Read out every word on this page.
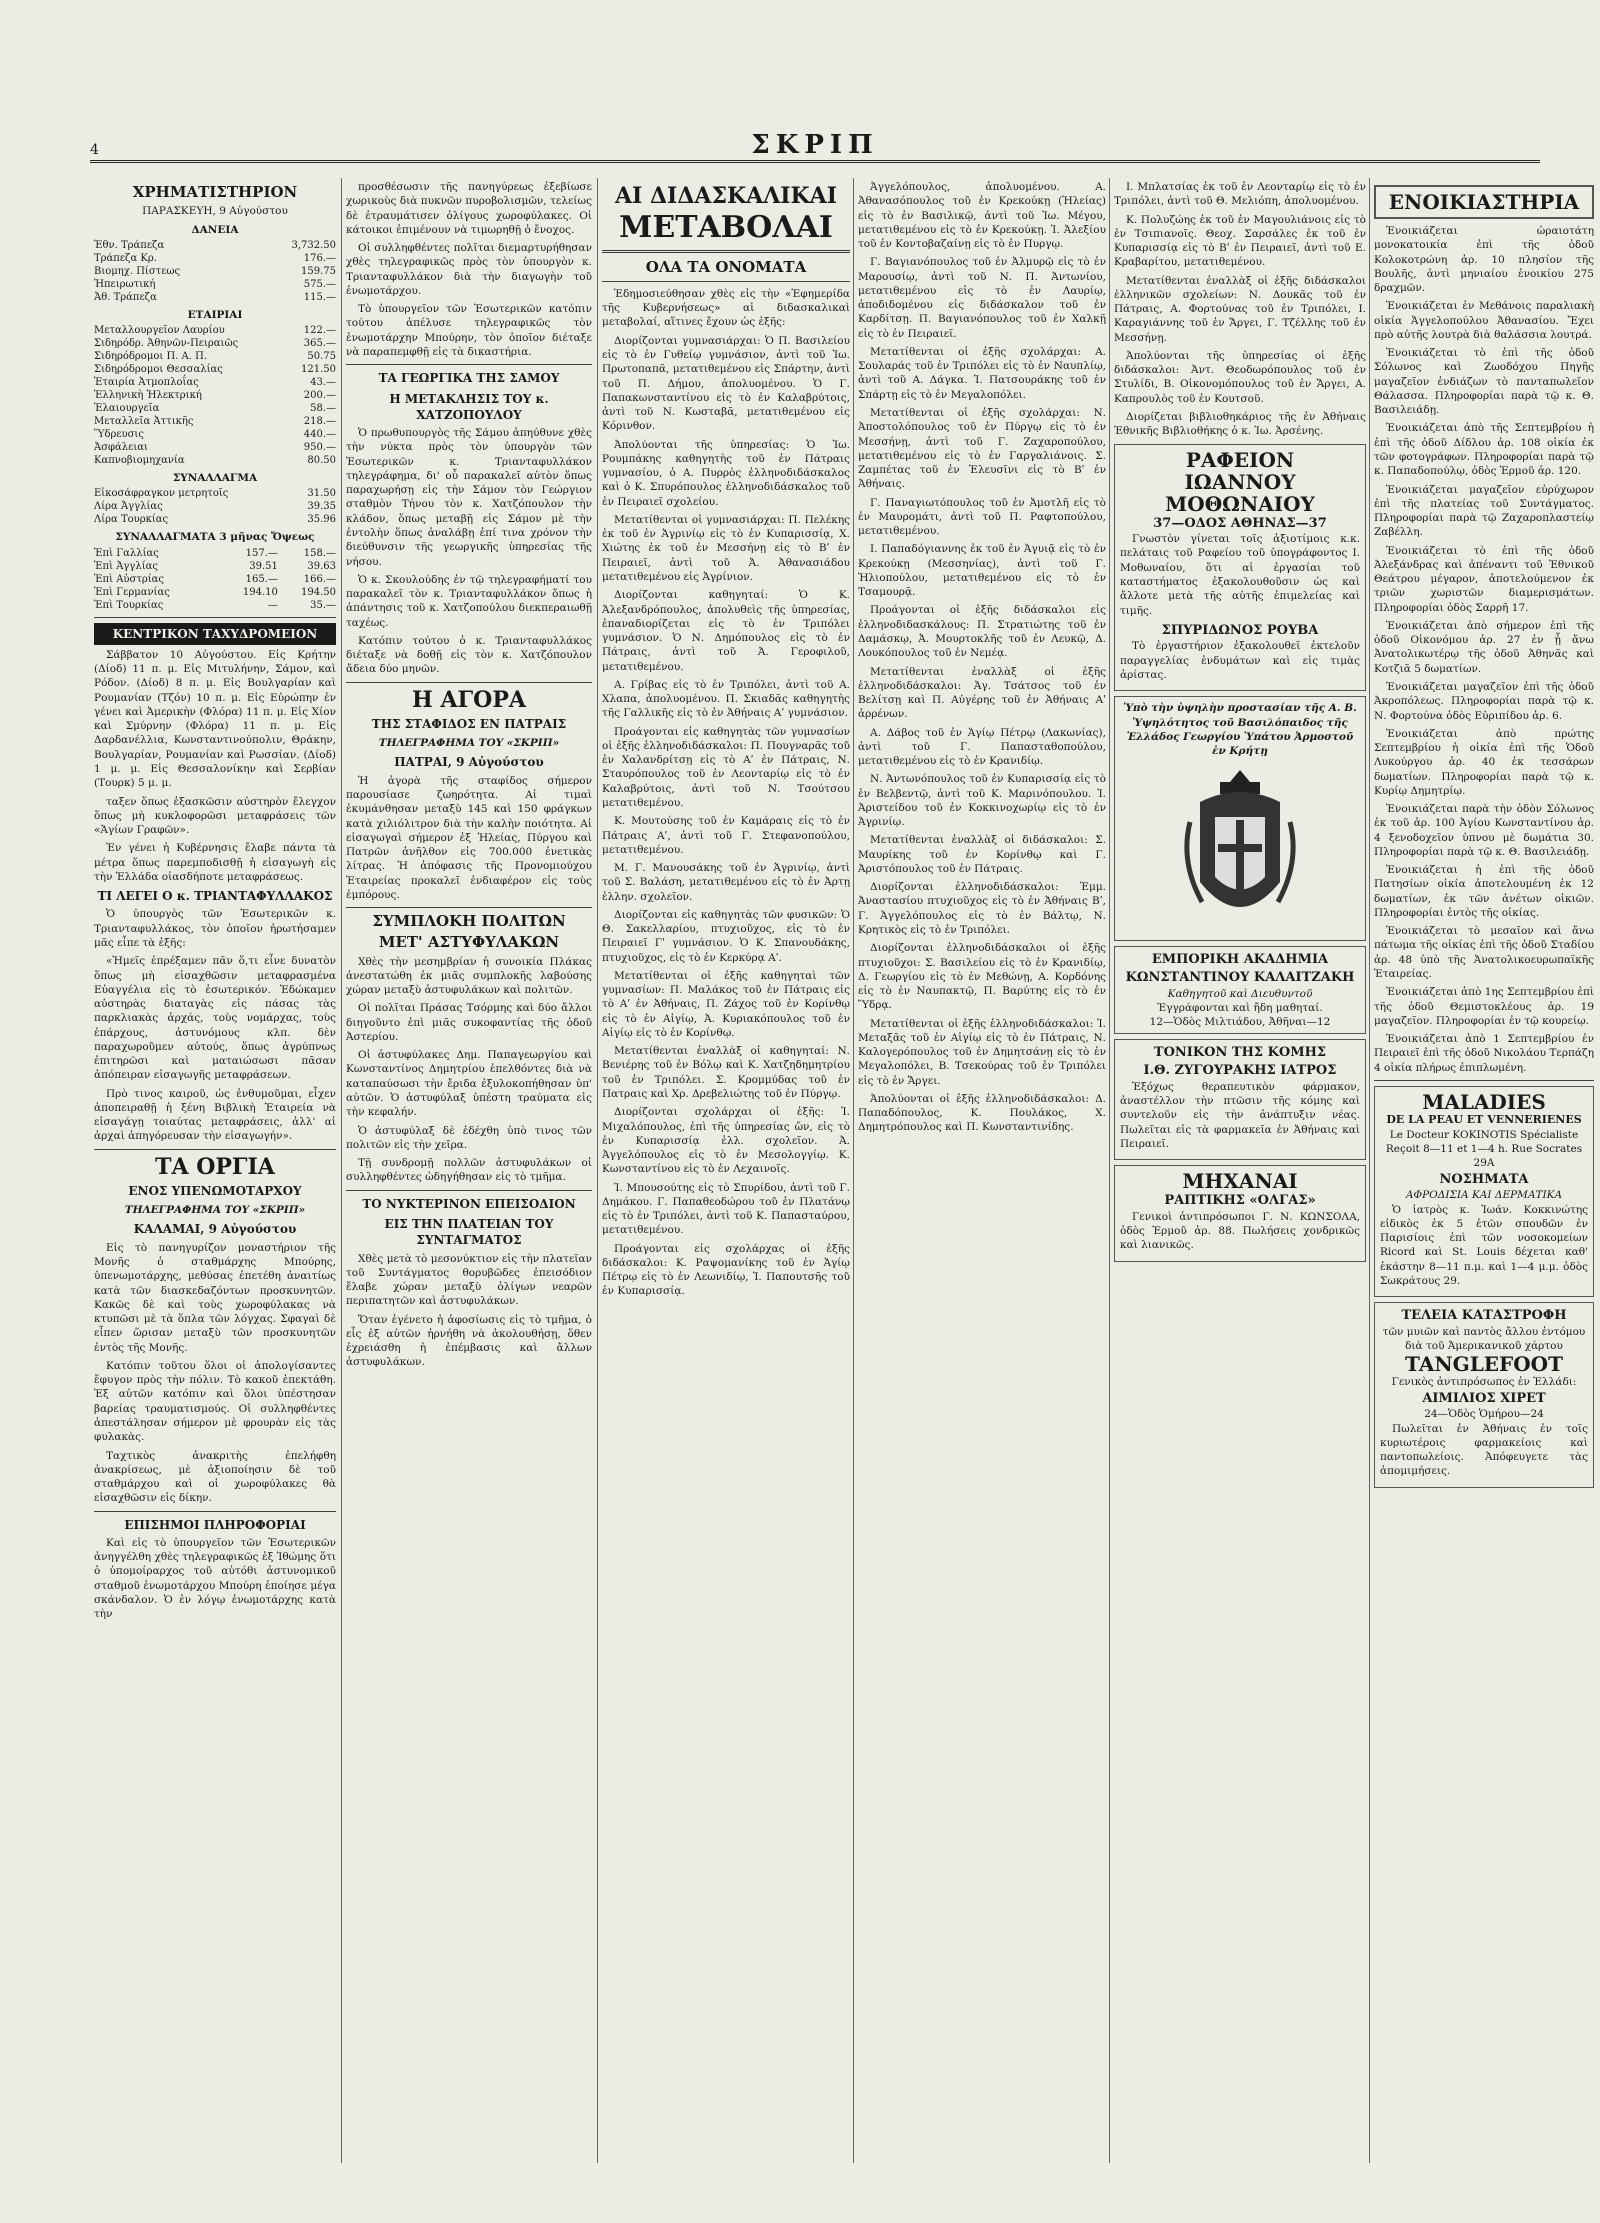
ΣΚΡΙΠ
4
ΧΡΗΜΑΤΙΣΤΗΡΙΟΝ
ΠΑΡΑΣΚΕΥΗ, 9 Αὐγούστου
ΔΑΝΕΙΑ
Ἐθν. Τράπεζα	3,732.50
Τράπεζα Κρ.	176.—
Βιομηχ. Πίστεως	159.75
Ἠπειρωτική	575.—
Ἀθ. Τράπεζα	115.—
ΕΤΑΙΡΙΑΙ
Μεταλλουργεῖον Λαυρίου	122.—
Σιδηρόδρ. Ἀθηνῶν-Πειραιῶς	365.—
Σιδηρόδρομοι Π. Α. Π.	50.75
Σιδηρόδρομοι Θεσσαλίας	121.50
Ἑταιρία Ἀτμοπλοΐας	43.—
Ἑλληνικὴ Ἠλεκτρική	200.—
Ἐλαιουργεῖα	58.—
Μεταλλεῖα Ἀττικῆς	218.—
Ὕδρευσις	440.—
Ἀσφάλειαι	950.—
Καπνοβιομηχανία	80.50
ΣΥΝΑΛΛΑΓΜΑ
Εἰκοσάφραγκον μετρητοῖς	31.50
Λίρα Ἀγγλίας	39.35
Λίρα Τουρκίας	35.96
ΣΥΝΑΛΛΑΓΜΑΤΑ 3 μῆνας Ὄψεως
Ἐπὶ Γαλλίας	157.—	158.—
Ἐπὶ Ἀγγλίας	39.51	39.63
Ἐπὶ Αὐστρίας	165.—	166.—
Ἐπὶ Γερμανίας	194.10	194.50
Ἐπὶ Τουρκίας	—	35.—
ΚΕΝΤΡΙΚΟΝ ΤΑΧΥΔΡΟΜΕΙΟΝ

Σάββατον 10 Αὐγούστου. Εἰς Κρήτην (Δίοδ) 11 π. μ. Εἰς Μιτυλήνην, Σάμον, καὶ Ρόδον. (Δίοδ) 8 π. μ. Εἰς Βουλγαρίαν καὶ Ρουμανίαν (Τζόν) 10 π. μ. Εἰς Εὐρώπην ἐν γένει καὶ Ἀμερικὴν (Φλόρα) 11 π. μ. Εἰς Χίον καὶ Σμύρνην (Φλόρα) 11 π. μ. Εἰς Δαρδανέλλια, Κωνσταντινούπολιν, Θράκην, Βουλγαρίαν, Ρουμανίαν καὶ Ρωσσίαν. (Δίοδ) 1 μ. μ. Εἰς Θεσσαλονίκην καὶ Σερβίαν (Τουρκ) 5 μ. μ.

ταξεν ὅπως ἐξασκῶσιν αὐστηρὸν ἔλεγχον ὅπως μὴ κυκλοφορῶσι μεταφράσεις τῶν «Ἁγίων Γραφῶν».

Ἐν γένει ἡ Κυβέρνησις ἔλαβε πάντα τὰ μέτρα ὅπως παρεμποδισθῇ ἡ εἰσαγωγὴ εἰς τὴν Ἑλλάδα οἱασδήποτε μεταφράσεως.

ΤΙ ΛΕΓΕΙ Ο κ. ΤΡΙΑΝΤΑΦΥΛΛΑΚΟΣ

Ὁ ὑπουργὸς τῶν Ἐσωτερικῶν κ. Τριανταφυλλάκος, τὸν ὁποῖον ἠρωτήσαμεν μᾶς εἶπε τὰ ἑξῆς:

«Ἠμεῖς ἐπρέξαμεν πᾶν ὅ,τι εἶνε δυνατὸν ὅπως μὴ εἰσαχθῶσιν μεταφρασμένα Εὐαγγέλια εἰς τὸ ἐσωτερικόν. Ἐδώκαμεν αὐστηρὰς διαταγὰς εἰς πάσας τὰς παρκλιακὰς ἀρχάς, τοὺς νομάρχας, τοὺς ἐπάρχους, ἀστυνόμους κλπ. δὲν παραχωροῦμεν αὐτούς, ὅπως ἀγρύπνως ἐπιτηρῶσι καὶ ματαιώσωσι πᾶσαν ἀπόπειραν εἰσαγωγῆς μεταφράσεων.

Πρὸ τινος καιροῦ, ὡς ἐνθυμοῦμαι, εἶχεν ἀποπειραθῇ ἡ ξένη Βιβλικὴ Ἑταιρεία νὰ εἰσαγάγῃ τοιαύτας μεταφράσεις, ἀλλ' αἱ ἀρχαὶ ἀπηγόρευσαν τὴν εἰσαγωγήν».

ΤΑ ΟΡΓΙΑ
ΕΝΟΣ ΥΠΕΝΩΜΟΤΑΡΧΟΥ
ΤΗΛΕΓΡΑΦΗΜΑ ΤΟΥ «ΣΚΡΙΠ»
ΚΑΛΑΜΑΙ, 9 Αὐγούστου

Εἰς τὸ πανηγυρίζον μοναστήριον τῆς Μονῆς ὁ σταθμάρχης Μπούρης, ὑπενωμοτάρχης, μεθύσας ἐπετέθη ἀναιτίως κατὰ τῶν διασκεδαζόντων προσκυνητῶν. Κακῶς δὲ καὶ τοὺς χωροφύλακας νὰ κτυπῶσι μὲ τὰ ὅπλα τῶν λόγχας. Σφαγαὶ δὲ εἶπεν ὥρισαν μεταξὺ τῶν προσκυνητῶν ἐντὸς τῆς Μονῆς.

Κατόπιν τοῦτου ὅλοι οἱ ἀπολογίσαντες ἔφυγον πρὸς τὴν πόλιν. Τὸ κακοῦ ἐπεκτάθη. Ἐξ αὐτῶν κατόπιν καὶ ὅλοι ὑπέστησαν βαρείας τραυματισμούς. Οἱ συλληφθέντες ἀπεστάλησαν σήμερον μὲ φρουρὰν εἰς τὰς φυλακὰς.

Ταχτικὸς ἀνακριτὴς ἐπελήφθη ἀνακρίσεως, μὲ ἀξιοποίησιν δὲ τοῦ σταθμάρχου καὶ οἱ χωροφύλακες θὰ εἰσαχθῶσιν εἰς δίκην.

ΕΠΙΣΗΜΟΙ ΠΛΗΡΟΦΟΡΙΑΙ

Καὶ εἰς τὸ ὑπουργεῖον τῶν Ἐσωτερικῶν ἀνηγγέλθη χθὲς τηλεγραφικῶς ἐξ Ἰθώμης ὅτι ὁ ὑπομοίραρχος τοῦ αὐτόθι ἀστυνομικοῦ σταθμοῦ ἐνωμοτάρχου Μπούρη ἐποίησε μέγα σκάνδαλον. Ὁ ἐν λόγῳ ἐνωμοτάρχης κατὰ τὴν

προσθέσωσιν τῆς πανηγύρεως ἐξεβίωσε χωρικοὺς διὰ πυκνῶν πυροβολισμῶν, τελείως δὲ ἐτραυμάτισεν ὀλίγους χωροφύλακες. Οἱ κάτοικοι ἐπιμένουν νὰ τιμωρηθῇ ὁ ἔνοχος.

Οἱ συλληφθέντες πολῖται διεμαρτυρήθησαν χθὲς τηλεγραφικῶς πρὸς τὸν ὑπουργὸν κ. Τριανταφυλλάκον διὰ τὴν διαγωγὴν τοῦ ἐνωμοτάρχου.

Τὸ ὑπουργεῖον τῶν Ἐσωτερικῶν κατόπιν τούτου ἀπέλυσε τηλεγραφικῶς τὸν ἐνωμοτάρχην Μπούρην, τὸν ὁποῖον διέταξε νὰ παραπεμφθῇ εἰς τὰ δικαστήρια.

ΤΑ ΓΕΩΡΓΙΚΑ ΤΗΣ ΣΑΜΟΥ
Η ΜΕΤΑΚΛΗΣΙΣ ΤΟΥ κ. ΧΑΤΖΟΠΟΥΛΟΥ

Ὁ πρωθυπουργὸς τῆς Σάμου ἀπηύθυνε χθὲς τὴν νύκτα πρὸς τὸν ὑπουργὸν τῶν Ἐσωτερικῶν κ. Τριανταφυλλάκον τηλεγράφημα, δι' οὗ παρακαλεῖ αὐτὸν ὅπως παραχωρήσῃ εἰς τὴν Σάμον τὸν Γεώργιον σταθμὸν Τήνου τὸν κ. Χατζόπουλον τὴν κλάδον, ὅπως μεταβῇ εἰς Σάμον μὲ τὴν ἐντολὴν ὅπως ἀναλάβῃ ἐπί τινα χρόνον τὴν διεύθυνσιν τῆς γεωργικῆς ὑπηρεσίας τῆς νήσου.

Ὁ κ. Σκουλούδης ἐν τῷ τηλεγραφήματί του παρακαλεῖ τὸν κ. Τριανταφυλλάκον ὅπως ἡ ἀπάντησις τοῦ κ. Χατζοπούλου διεκπεραιωθῇ ταχέως.

Κατόπιν τούτου ὁ κ. Τριανταφυλλάκος διέταξε νὰ δοθῇ εἰς τὸν κ. Χατζόπουλον ἄδεια δύο μηνῶν.

Η ΑΓΟΡΑ
ΤΗΣ ΣΤΑΦΙΔΟΣ ΕΝ ΠΑΤΡΑΙΣ
ΤΗΛΕΓΡΑΦΗΜΑ ΤΟΥ «ΣΚΡΙΠ»
ΠΑΤΡΑΙ, 9 Αὐγούστου

Ἡ ἀγορὰ τῆς σταφίδος σήμερον παρουσίασε ζωηρότητα. Αἱ τιμαὶ ἐκυμάνθησαν μεταξὺ 145 καὶ 150 φράγκων κατὰ χιλιόλιτρον διὰ τὴν καλὴν ποιότητα. Αἱ εἰσαγωγαὶ σήμερον ἐξ Ἠλείας, Πύργου καὶ Πατρῶν ἀνῆλθον εἰς 700.000 ἐνετικὰς λίτρας. Ἡ ἀπόφασις τῆς Προνομιούχου Ἑταιρείας προκαλεῖ ἐνδιαφέρον εἰς τοὺς ἐμπόρους.

ΣΥΜΠΛΟΚΗ ΠΟΛΙΤΩΝ
ΜΕΤ' ΑΣΤΥΦΥΛΑΚΩΝ

Χθὲς τὴν μεσημβρίαν ἡ συνοικία Πλάκας ἀνεστατώθη ἐκ μιᾶς συμπλοκῆς λαβούσης χώραν μεταξὺ ἀστυφυλάκων καὶ πολιτῶν.

Οἱ πολῖται Πράσας Τσόρμης καὶ δύο ἄλλοι διηγοῦντο ἐπὶ μιᾶς συκοφαντίας τῆς ὁδοῦ Ἀστερίου.

Οἱ ἀστυφύλακες Δημ. Παπαγεωργίου καὶ Κωνσταντίνος Δημητρίου ἐπελθόντες διὰ νὰ καταπαύσωσι τὴν ἔριδα ἐξυλοκοπήθησαν ὑπ' αὐτῶν. Ὁ ἀστυφύλαξ ὑπέστη τραύματα εἰς τὴν κεφαλήν.

Ὁ ἀστυφύλαξ δὲ ἐδέχθη ὑπὸ τινος τῶν πολιτῶν εἰς τὴν χεῖρα.

Τῇ συνδρομῇ πολλῶν ἀστυφυλάκων οἱ συλληφθέντες ὡδηγήθησαν εἰς τὸ τμῆμα.

ΤΟ ΝΥΚΤΕΡΙΝΟΝ ΕΠΕΙΣΟΔΙΟΝ
ΕΙΣ ΤΗΝ ΠΛΑΤΕΙΑΝ ΤΟΥ ΣΥΝΤΑΓΜΑΤΟΣ

Χθὲς μετὰ τὸ μεσονύκτιον εἰς τὴν πλατεῖαν τοῦ Συντάγματος θορυβῶδες ἐπεισόδιον ἔλαβε χώραν μεταξὺ ὀλίγων νεαρῶν περιπατητῶν καὶ ἀστυφυλάκων.

Ὅταν ἐγένετο ἡ ἀφοσίωσις εἰς τὸ τμῆμα, ὁ εἷς ἐξ αὐτῶν ἠρνήθη νὰ ἀκολουθήσῃ, ὅθεν ἐχρειάσθη ἡ ἐπέμβασις καὶ ἄλλων ἀστυφυλάκων.

ΑΙ ΔΙΔΑΣΚΑΛΙΚΑΙ
ΜΕΤΑΒΟΛΑΙ
ΟΛΑ ΤΑ ΟΝΟΜΑΤΑ

Ἐδημοσιεύθησαν χθὲς εἰς τὴν «Ἐφημερίδα τῆς Κυβερνήσεως» αἱ διδασκαλικαὶ μεταβολαί, αἵτινες ἔχουν ὡς ἑξῆς:

Διορίζονται γυμνασιάρχαι: Ὁ Π. Βασιλείου εἰς τὸ ἐν Γυθείῳ γυμνάσιον, ἀντὶ τοῦ Ἰω. Πρωτοπαπᾶ, μετατιθεμένου εἰς Σπάρτην, ἀντὶ τοῦ Π. Δήμου, ἀπολυομένου. Ὁ Γ. Παπακωνσταντίνου εἰς τὸ ἐν Καλαβρύτοις, ἀντὶ τοῦ Ν. Κωσταβᾶ, μετατιθεμένου εἰς Κόρινθον.

Ἀπολύονται τῆς ὑπηρεσίας: Ὁ Ἰω. Ρουμπάκης καθηγητὴς τοῦ ἐν Πάτραις γυμνασίου, ὁ Α. Πυρρὸς ἐλληνοδιδάσκαλος καὶ ὁ Κ. Σπυρόπουλος ἐλληνοδιδάσκαλος τοῦ ἐν Πειραιεῖ σχολείου.

Μετατίθενται οἱ γυμνασιάρχαι: Π. Πελέκης ἐκ τοῦ ἐν Ἀγρινίῳ εἰς τὸ ἐν Κυπαρισσίᾳ, Χ. Χιώτης ἐκ τοῦ ἐν Μεσσήνῃ εἰς τὸ Βʹ ἐν Πειραιεῖ, ἀντὶ τοῦ Ἀ. Ἀθανασιάδου μετατιθεμένου εἰς Ἀγρίνιον.

Διορίζονται καθηγηταί: Ὁ Κ. Ἀλεξανδρόπουλος, ἀπολυθεὶς τῆς ὑπηρεσίας, ἐπαναδιορίζεται εἰς τὸ ἐν Τριπόλει γυμνάσιον. Ὁ Ν. Δημόπουλος εἰς τὸ ἐν Πάτραις, ἀντὶ τοῦ Ἀ. Γεροφιλοῦ, μετατιθεμένου.

Α. Γρίβας εἰς τὸ ἐν Τριπόλει, ἀντὶ τοῦ Α. Χλαπα, ἀπολυομένου. Π. Σκιαδᾶς καθηγητὴς τῆς Γαλλικῆς εἰς τὸ ἐν Ἀθήναις Αʹ γυμνάσιον.

Προάγονται εἰς καθηγητὰς τῶν γυμνασίων οἱ ἑξῆς ἑλληνοδιδάσκαλοι: Π. Πουγναρᾶς τοῦ ἐν Χαλανδρίτσῃ εἰς τὸ Αʹ ἐν Πάτραις, Ν. Σταυρόπουλος τοῦ ἐν Λεονταρίῳ εἰς τὸ ἐν Καλαβρύτοις, ἀντὶ τοῦ Ν. Τσούτσου μετατιθεμένου.

Κ. Μουτούσης τοῦ ἐν Καμάραις εἰς τὸ ἐν Πάτραις Αʹ, ἀντὶ τοῦ Γ. Στεφανοπούλου, μετατιθεμένου.

Μ. Γ. Μανουσάκης τοῦ ἐν Ἀγρινίῳ, ἀντὶ τοῦ Σ. Βαλάση, μετατιθεμένου εἰς τὸ ἐν Ἀρτῃ ἑλλην. σχολεῖον.

Διορίζονται εἰς καθηγητὰς τῶν φυσικῶν: Ὁ Θ. Σακελλαρίου, πτυχιοῦχος, εἰς τὸ ἐν Πειραιεῖ Γʹ γυμνάσιον. Ὁ Κ. Σπανουδάκης, πτυχιοῦχος, εἰς τὸ ἐν Κερκύρᾳ Αʹ.

Μετατίθενται οἱ ἑξῆς καθηγηταὶ τῶν γυμνασίων: Π. Μαλάκος τοῦ ἐν Πάτραις εἰς τὸ Αʹ ἐν Ἀθήναις, Π. Ζάχος τοῦ ἐν Κορίνθῳ εἰς τὸ ἐν Αἰγίῳ, Ἀ. Κυριακόπουλος τοῦ ἐν Αἰγίῳ εἰς τὸ ἐν Κορίνθῳ.

Μετατίθενται ἐναλλὰξ οἱ καθηγηταί: Ν. Βενιέρης τοῦ ἐν Βόλῳ καὶ Κ. Χατζηδημητρίου τοῦ ἐν Τριπόλει. Σ. Κρομμύδας τοῦ ἐν Πατραις καὶ Χρ. Δρεβελιώτης τοῦ ἐν Πύργῳ.

Διορίζονται σχολάρχαι οἱ ἑξῆς: Ἰ. Μιχαλόπουλος, ἐπὶ τῆς ὑπηρεσίας ὤν, εἰς τὸ ἐν Κυπαρισσίᾳ ἑλλ. σχολεῖον. Ἀ. Ἀγγελόπουλος εἰς τὸ ἐν Μεσολογγίῳ. Κ. Κωνσταντίνου εἰς τὸ ἐν Λεχαινοῖς.

Ἰ. Μπουσούτης εἰς τὸ Σπυρίδου, ἀντὶ τοῦ Γ. Δημάκου. Γ. Παπαθεοδώρου τοῦ ἐν Πλατάνῳ εἰς τὸ ἐν Τριπόλει, ἀντὶ τοῦ Κ. Παπασταύρου, μετατιθεμένου.

Προάγονται εἰς σχολάρχας οἱ ἑξῆς διδάσκαλοι: Κ. Ραψομανίκης τοῦ ἐν Ἁγίῳ Πέτρῳ εἰς τὸ ἐν Λεωνιδίῳ, Ἰ. Παπουτσῆς τοῦ ἐν Κυπαρισσίᾳ.

Ἀγγελόπουλος, ἀπολυομένου. Α. Ἀθανασόπουλος τοῦ ἐν Κρεκούκῃ (Ἠλείας) εἰς τὸ ἐν Βασιλικῷ, ἀντὶ τοῦ Ἰω. Μέγου, μετατιθεμένου εἰς τὸ ἐν Κρεκούκῃ. Ἰ. Ἀλεξίου τοῦ ἐν Κοντοβαζαίνῃ εἰς τὸ ἐν Πυργῳ.

Γ. Βαγιανόπουλος τοῦ ἐν Ἀλμυρῷ εἰς τὸ ἐν Μαρουσίῳ, ἀντὶ τοῦ Ν. Π. Ἀντωνίου, μετατιθεμένου εἰς τὸ ἐν Λαυρίῳ, ἀποδιδομένου εἰς διδάσκαλον τοῦ ἐν Καρδίτσῃ. Π. Βαγιανόπουλος τοῦ ἐν Χαλκῇ εἰς τὸ ἐν Πειραιεῖ.

Μετατίθενται οἱ ἑξῆς σχολάρχαι: Α. Σουλαράς τοῦ ἐν Τριπόλει εἰς τὸ ἐν Ναυπλίῳ, ἀντὶ τοῦ Α. Δάγκα. Ἰ. Πατσουράκης τοῦ ἐν Σπάρτῃ εἰς τὸ ἐν Μεγαλοπόλει.

Μετατίθενται οἱ ἑξῆς σχολάρχαι: Ν. Ἀποστολόπουλος τοῦ ἐν Πύργῳ εἰς τὸ ἐν Μεσσήνῃ, ἀντὶ τοῦ Γ. Ζαχαροπούλου, μετατιθεμένου εἰς τὸ ἐν Γαργαλιάνοις. Σ. Ζαμπέτας τοῦ ἐν Ἐλευσῖνι εἰς τὸ Βʹ ἐν Ἀθήναις.

Γ. Παναγιωτόπουλος τοῦ ἐν Ἀμοτλῆ εἰς τὸ ἐν Μαυρομάτι, ἀντὶ τοῦ Π. Ραφτοπούλου, μετατιθεμένου.

Ι. Παπαδόγιαννης ἐκ τοῦ ἐν Ἀγυιᾷ εἰς τὸ ἐν Κρεκούκῃ (Μεσσηνίας), ἀντὶ τοῦ Γ. Ἠλιοπούλου, μετατιθεμένου εἰς τὸ ἐν Τσαμουρᾷ.

Προάγονται οἱ ἑξῆς διδάσκαλοι εἰς ἑλληνοδιδασκάλους: Π. Στρατιώτης τοῦ ἐν Δαμάσκῳ, Ἀ. Μουρτοκλῆς τοῦ ἐν Λευκῷ, Δ. Λουκόπουλος τοῦ ἐν Νεμέᾳ.

Μετατίθενται ἐναλλὰξ οἱ ἑξῆς ἑλληνοδιδάσκαλοι: Ἀγ. Τσάτσος τοῦ ἐν Βελίτσῃ καὶ Π. Αὐγέρης τοῦ ἐν Ἀθήναις Αʹ ἀρρένων.

Α. Δάβος τοῦ ἐν Ἁγίῳ Πέτρῳ (Λακωνίας), ἀντὶ τοῦ Γ. Παπασταθοπούλου, μετατιθεμένου εἰς τὸ ἐν Κρανιδίῳ.

Ν. Ἀντωνόπουλος τοῦ ἐν Κυπαρισσίᾳ εἰς τὸ ἐν Βελβεντῷ, ἀντὶ τοῦ Κ. Μαρινόπουλου. Ἰ. Ἀριστείδου τοῦ ἐν Κοκκινοχωρίῳ εἰς τὸ ἐν Ἀγρινίῳ.

Μετατίθενται ἐναλλὰξ οἱ διδάσκαλοι: Σ. Μαυρίκης τοῦ ἐν Κορίνθῳ καὶ Γ. Ἀριστόπουλος τοῦ ἐν Πάτραις.

Διορίζονται ἑλληνοδιδάσκαλοι: Ἐμμ. Ἀναστασίου πτυχιοῦχος εἰς τὸ ἐν Ἀθήναις Βʹ, Γ. Ἀγγελόπουλος εἰς τὸ ἐν Βάλτῳ, Ν. Κρητικὸς εἰς τὸ ἐν Τριπόλει.

Διορίζονται ἑλληνοδιδάσκαλοι οἱ ἑξῆς πτυχιοῦχοι: Σ. Βασιλείου εἰς τὸ ἐν Κρανιδίῳ, Δ. Γεωργίου εἰς τὸ ἐν Μεθώνῃ, Α. Κορδόνης εἰς τὸ ἐν Ναυπακτῷ, Π. Βαρύτης εἰς τὸ ἐν Ὕδρᾳ.

Μετατίθενται οἱ ἑξῆς ἑλληνοδιδάσκαλοι: Ἰ. Μεταξᾶς τοῦ ἐν Αἰγίῳ εἰς τὸ ἐν Πάτραις, Ν. Καλογερόπουλος τοῦ ἐν Δημητσάνῃ εἰς τὸ ἐν Μεγαλοπόλει, Β. Τσεκούρας τοῦ ἐν Τριπόλει εἰς τὸ ἐν Ἄργει.

Ἀπολύονται οἱ ἑξῆς ἑλληνοδιδάσκαλοι: Δ. Παπαδόπουλος, Κ. Πουλάκος, Χ. Δημητρόπουλος καὶ Π. Κωνσταντινίδης.

Ι. Μπλατσίας ἐκ τοῦ ἐν Λεονταρίῳ εἰς τὸ ἐν Τριπόλει, ἀντὶ τοῦ Θ. Μελιόπη, ἀπολυομένου.

Κ. Πολυζώης ἐκ τοῦ ἐν Μαγουλιάνοις εἰς τὸ ἐν Τσιπιανοῖς. Θεοχ. Σαρσάλες ἐκ τοῦ ἐν Κυπαρισσίᾳ εἰς τὸ Βʹ ἐν Πειραιεῖ, ἀντὶ τοῦ Ε. Κραβαρίτου, μετατιθεμένου.

Μετατίθενται ἐναλλὰξ οἱ ἑξῆς διδάσκαλοι ἑλληνικῶν σχολείων: Ν. Δουκᾶς τοῦ ἐν Πάτραις, Α. Φορτούνας τοῦ ἐν Τριπόλει, Ι. Καραγιάννης τοῦ ἐν Ἄργει, Γ. Τζέλλης τοῦ ἐν Μεσσήνῃ.

Ἀπολύονται τῆς ὑπηρεσίας οἱ ἑξῆς διδάσκαλοι: Ἀντ. Θεοδωρόπουλος τοῦ ἐν Στυλίδι, Β. Οἰκονομόπουλος τοῦ ἐν Ἄργει, Α. Καπρουλὸς τοῦ ἐν Κουτσοῦ.

Διορίζεται βιβλιοθηκάριος τῆς ἐν Ἀθήναις Ἐθνικῆς Βιβλιοθήκης ὁ κ. Ἰω. Ἀρσένης.

ΡΑΦΕΙΟΝ
ΙΩΑΝΝΟΥ ΜΟΘΩΝΑΙΟΥ
37—ΟΔΟΣ ΑΘΗΝΑΣ—37

Γνωστὸν γίνεται τοῖς ἀξιοτίμοις κ.κ. πελάταις τοῦ Ραφείου τοῦ ὑπογράφοντος Ι. Μοθωναίου, ὅτι αἱ ἐργασίαι τοῦ καταστήματος ἐξακολουθοῦσιν ὡς καὶ ἄλλοτε μετὰ τῆς αὐτῆς ἐπιμελείας καὶ τιμῆς.

ΣΠΥΡΙΔΩΝΟΣ ΡΟΥΒΑ

Τὸ ἐργαστήριον ἐξακολουθεῖ ἐκτελοῦν παραγγελίας ἐνδυμάτων καὶ εἰς τιμὰς ἀρίστας.

Ὑπὸ τὴν ὑψηλὴν προστασίαν τῆς Α. Β. Ὑψηλότητος τοῦ Βασιλόπαιδος τῆς Ἑλλάδος Γεωργίου Ὑπάτου Ἁρμοστοῦ ἐν Κρήτῃ
ΕΜΠΟΡΙΚΗ ΑΚΑΔΗΜΙΑ
ΚΩΝΣΤΑΝΤΙΝΟΥ ΚΑΛΑΙΤΖΑΚΗ
Καθηγητοῦ καὶ Διευθυντοῦ
Ἐγγράφονται καὶ ἤδη μαθηταί.
12—Ὁδὸς Μιλτιάδου, Ἀθῆναι—12
ΤΟΝΙΚΟΝ ΤΗΣ ΚΟΜΗΣ
Ι.Θ. ΖΥΓΟΥΡΑΚΗΣ ΙΑΤΡΟΣ

Ἐξόχως θεραπευτικὸν φάρμακον, ἀναστέλλον τὴν πτῶσιν τῆς κόμης καὶ συντελοῦν εἰς τὴν ἀνάπτυξιν νέας. Πωλεῖται εἰς τὰ φαρμακεῖα ἐν Ἀθήναις καὶ Πειραιεῖ.

ΜΗΧΑΝΑΙ
ΡΑΠΤΙΚΗΣ «ΟΛΓΑΣ»

Γενικοὶ ἀντιπρόσωποι Γ. Ν. ΚΩΝΣΟΛΑ, ὁδὸς Ἑρμοῦ ἀρ. 88. Πωλήσεις χονδρικῶς καὶ λιανικῶς.

ΕΝΟΙΚΙΑΣΤΗΡΙΑ

Ἐνοικιάζεται ὡραιοτάτη μονοκατοικία ἐπὶ τῆς ὁδοῦ Κολοκοτρώνη ἀρ. 10 πλησίον τῆς Βουλῆς, ἀντὶ μηνιαίου ἐνοικίου 275 δραχμῶν.

Ἐνοικιάζεται ἐν Μεθάνοις παραλιακὴ οἰκία Ἀγγελοπούλου Ἀθανασίου. Ἔχει πρὸ αὐτῆς λουτρὰ διὰ θαλάσσια λουτρά.

Ἐνοικιάζεται τὸ ἐπὶ τῆς ὁδοῦ Σόλωνος καὶ Ζωοδόχου Πηγῆς μαγαζεῖον ἐνδιάζων τὸ πανταπωλεῖον Θάλασσα. Πληροφορίαι παρὰ τῷ κ. Θ. Βασιλειάδῃ.

Ἐνοικιάζεται ἀπὸ τῆς Σεπτεμβρίου ἡ ἐπὶ τῆς ὁδοῦ Δίδλου ἀρ. 108 οἰκία ἐκ τῶν φοτογράφων. Πληροφορίαι παρὰ τῷ κ. Παπαδοπούλῳ, ὁδὸς Ἐρμοῦ ἀρ. 120.

Ἐνοικιάζεται μαγαζεῖον εὐρύχωρον ἐπὶ τῆς πλατείας τοῦ Συντάγματος. Πληροφορίαι παρὰ τῷ Ζαχαροπλαστείῳ Ζαβέλλη.

Ἐνοικιάζεται τὸ ἐπὶ τῆς ὁδοῦ Ἀλεξάνδρας καὶ ἀπέναντι τοῦ Ἐθνικοῦ Θεάτρου μέγαρον, ἀποτελούμενον ἐκ τριῶν χωριστῶν διαμερισμάτων. Πληροφορίαι ὁδὸς Σαρρῆ 17.

Ἐνοικιάζεται ἀπὸ σήμερον ἐπὶ τῆς ὁδοῦ Οἰκονόμου ἀρ. 27 ἐν ᾗ ἄνω Ἀνατολικωτέρῳ τῆς ὁδοῦ Ἀθηνᾶς καὶ Κοτζιᾶ 5 δωματίων.

Ἐνοικιάζεται μαγαζεῖον ἐπὶ τῆς ὁδοῦ Ἀκροπόλεως. Πληροφορίαι παρὰ τῷ κ. Ν. Φορτούνα ὁδὸς Εὐριπίδου ἀρ. 6.

Ἐνοικιάζεται ἀπὸ πρώτης Σεπτεμβρίου ἡ οἰκία ἐπὶ τῆς Ὁδοῦ Λυκούργου ἀρ. 40 ἐκ τεσσάρων δωματίων. Πληροφορίαι παρὰ τῷ κ. Κυρίῳ Δημητρίῳ.

Ἐνοικιάζεται παρὰ τὴν ὁδὸν Σόλωνος ἐκ τοῦ ἀρ. 100 Ἀγίου Κωνσταντίνου ἀρ. 4 ξενοδοχεῖον ὑπνου μὲ δωμάτια 30. Πληροφορίαι παρὰ τῷ κ. Θ. Βασιλειάδῃ.

Ἐνοικιάζεται ἡ ἐπὶ τῆς ὁδοῦ Πατησίων οἰκία ἀποτελουμένη ἐκ 12 δωματίων, ἐκ τῶν ἀνέτων οἰκιῶν. Πληροφορίαι ἐντὸς τῆς οἰκίας.

Ἐνοικιάζεται τὸ μεσαῖον καὶ ἄνω πάτωμα τῆς οἰκίας ἐπὶ τῆς ὁδοῦ Σταδίου ἀρ. 48 ὑπὸ τῆς Ἀνατολικοευρωπαϊκῆς Ἑταιρείας.

Ἐνοικιάζεται ἀπὸ 1ης Σεπτεμβρίου ἐπὶ τῆς ὁδοῦ Θεμιστοκλέους ἀρ. 19 μαγαζεῖον. Πληροφορίαι ἐν τῷ κουρείῳ.

Ἐνοικιάζεται ἀπὸ 1 Σεπτεμβρίου ἐν Πειραιεῖ ἐπὶ τῆς ὁδοῦ Νικολάου Τερπάζη 4 οἰκία πλήρως ἐπιπλωμένη.

MALADIES
DE LA PEAU ET VENNERIENES
Le Docteur KOKINOTIS Spécialiste
Reçoit 8—11 et 1—4 h. Rue Socrates 29A
ΝΟΣΗΜΑΤΑ
ΑΦΡΟΔΙΣΙΑ ΚΑΙ ΔΕΡΜΑΤΙΚΑ

Ὁ ἰατρὸς κ. Ἰωάν. Κοκκινώτης εἰδικὸς ἐκ 5 ἐτῶν σπουδῶν ἐν Παρισίοις ἐπὶ τῶν νοσοκομείων Ricord καὶ St. Louis δέχεται καθ' ἑκάστην 8—11 π.μ. καὶ 1—4 μ.μ. ὁδὸς Σωκράτους 29.

ΤΕΛΕΙΑ ΚΑΤΑΣΤΡΟΦΗ
τῶν μυιῶν καὶ παντὸς ἄλλου ἐντόμου διὰ τοῦ Ἀμερικανικοῦ χάρτου
TANGLEFOOT
Γενικὸς ἀντιπρόσωπος ἐν Ἑλλάδι:
ΑΙΜΙΛΙΟΣ ΧΙΡΕΤ
24—Ὁδὸς Ὁμήρου—24

Πωλεῖται ἐν Ἀθήναις ἐν τοῖς κυριωτέροις φαρμακείοις καὶ παντοπωλείοις. Ἀπόφευγετε τὰς ἀπομιμήσεις.
